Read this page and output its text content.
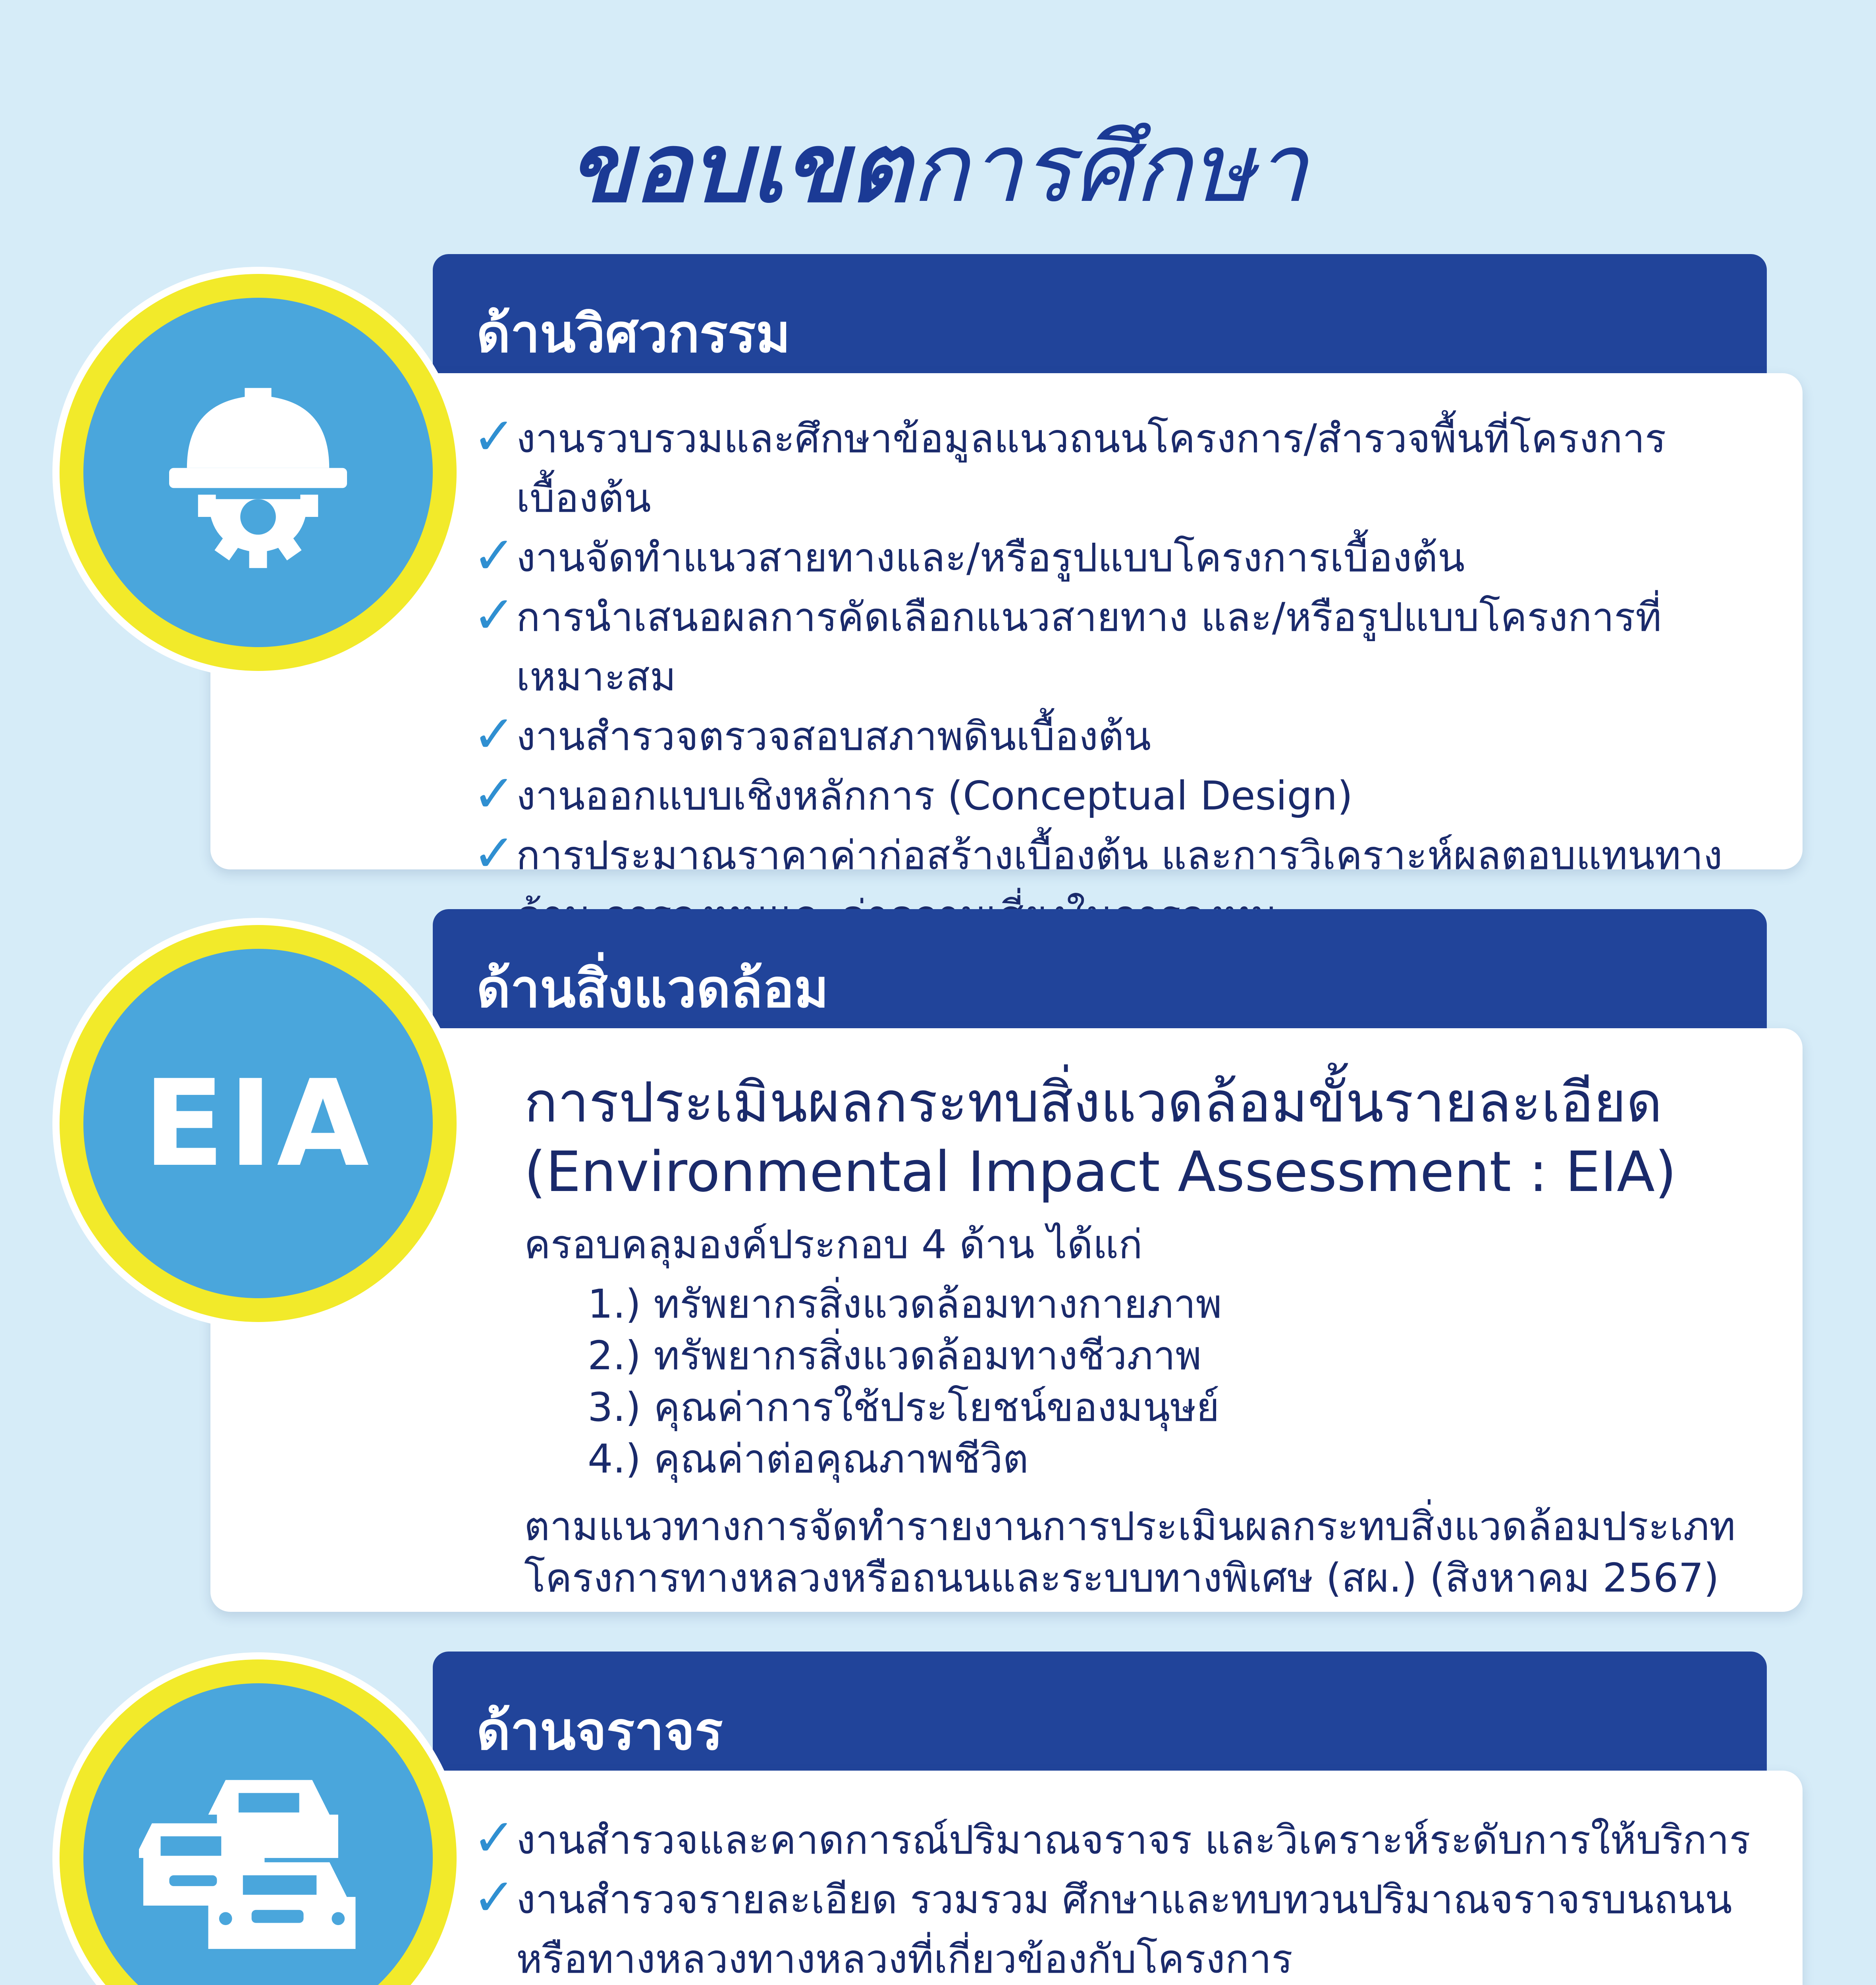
ขอบเขตการศึกษา
ด้านวิศวกรรม
✓ งานรวบรวมและศึกษาข้อมูลแนวถนนโครงการ/สำรวจพื้นที่โครงการเบื้องต้น
✓ งานจัดทำแนวสายทางและ/หรือรูปแบบโครงการเบื้องต้น
✓ การนำเสนอผลการคัดเลือกแนวสายทาง และ/หรือรูปแบบโครงการที่เหมาะสม
✓ งานสำรวจตรวจสอบสภาพดินเบื้องต้น
✓ งานออกแบบเชิงหลักการ (Conceptual Design)
✓ การประมาณราคาค่าก่อสร้างเบื้องต้น และการวิเคราะห์ผลตอบแทนทาง
ด้านสิ่งแวดล้อม
EIA	การประเมินผลกระทบสิ่งแวดล้อมขั้นรายละเอียด
(Environmental Impact Assessment : EIA)
ครอบคลุมองค์ประกอบ 4 ด้าน ได้แก่
1.) ทรัพยากรสิ่งแวดล้อมทางกายภาพ
2.) ทรัพยากรสิ่งแวดล้อมทางชีวภาพ
3.) คุณค่าการใช้ประโยชน์ของมนุษย์
4.) คุณค่าต่อคุณภาพชีวิต
ตามแนวทางการจัดทำรายงานการประเมินผลกระทบสิ่งแวดล้อมประเภท
โครงการทางหลวงหรือถนนและระบบทางพิเศษ (สผ.) (สิงหาคม 2567)
ด้านจราจร
✓ งานสำรวจและคาดการณ์ปริมาณจราจร และวิเคราะห์ระดับการให้บริการ
✓ งานสำรวจรายละเอียด รวมรวม ศึกษาและทบทวนปริมาณจราจรบนถนน หรือทางหลวงทางหลวงที่เกี่ยวข้องกับโครงการ
